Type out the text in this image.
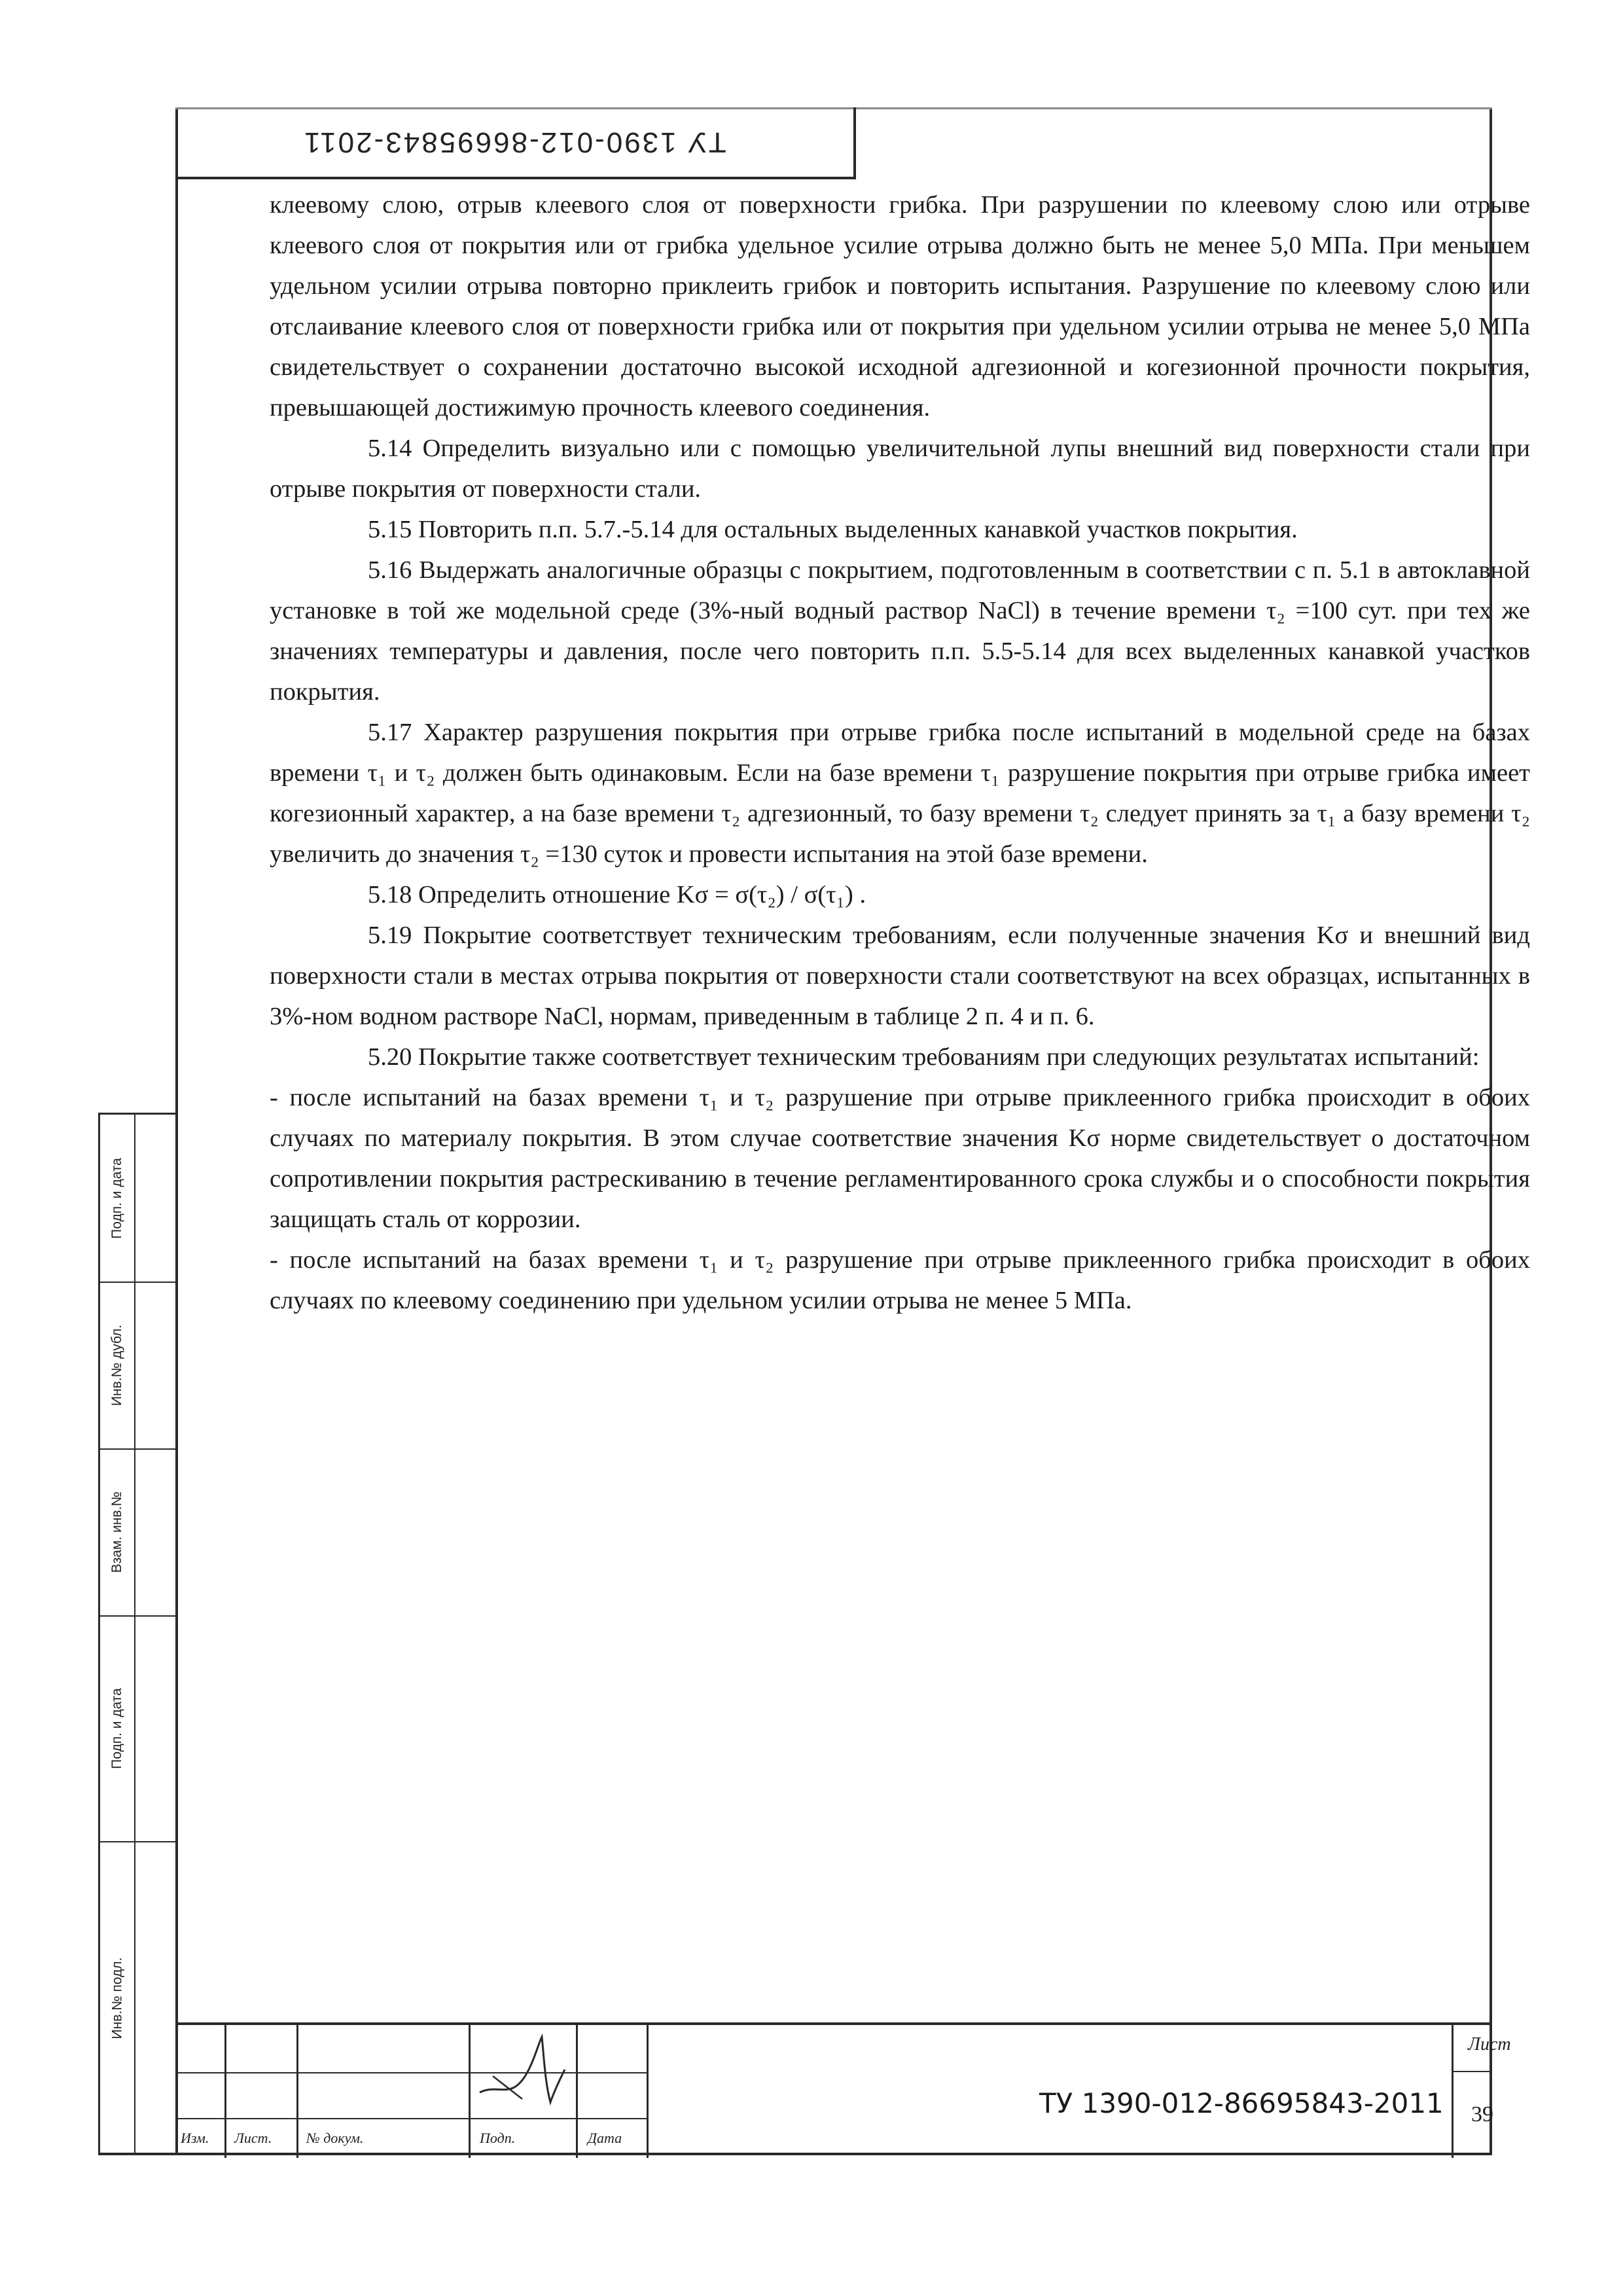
ТУ 1390-012-86695843-2011

клеевому слою, отрыв клеевого слоя от поверхности грибка. При разрушении по клеевому слою или отрыве клеевого слоя от покрытия или от грибка удельное усилие отрыва должно быть не менее 5,0 МПа. При меньшем удельном усилии отрыва повторно приклеить грибок и повторить испытания. Разрушение по клеевому слою или отслаивание клеевого слоя от поверхности грибка или от покрытия при удельном усилии отрыва не менее 5,0 МПа свидетельствует о сохранении достаточно высокой исходной адгезионной и когезионной прочности покрытия, превышающей достижимую прочность клеевого соединения.

5.14 Определить визуально или с помощью увеличительной лупы внешний вид поверхности стали при отрыве покрытия от поверхности стали.

5.15 Повторить п.п. 5.7.-5.14 для остальных выделенных канавкой участков покрытия.

5.16 Выдержать аналогичные образцы с покрытием, подготовленным в соответствии с п. 5.1 в автоклавной установке в той же модельной среде (3%-ный водный раствор NaCl) в течение времени τ₂ =100 сут. при тех же значениях температуры и давления, после чего повторить п.п. 5.5-5.14 для всех выделенных канавкой участков покрытия.

5.17 Характер разрушения покрытия при отрыве грибка после испытаний в модельной среде на базах времени τ₁ и τ₂ должен быть одинаковым. Если на базе времени τ₁ разрушение покрытия при отрыве грибка имеет когезионный характер, а на базе времени τ₂ адгезионный, то базу времени τ₂ следует принять за τ₁ а базу времени τ₂ увеличить до значения τ₂ =130 суток и провести испытания на этой базе времени.

5.18 Определить отношение Kσ = σ(τ₂) / σ(τ₁) .

5.19 Покрытие соответствует техническим требованиям, если полученные значения Kσ и внешний вид поверхности стали в местах отрыва покрытия от поверхности стали соответствуют на всех образцах, испытанных в 3%-ном водном растворе NaCl, нормам, приведенным в таблице 2 п. 4 и п. 6.

5.20 Покрытие также соответствует техническим требованиям при следующих результатах испытаний:

- после испытаний на базах времени τ₁ и τ₂ разрушение при отрыве приклеенного грибка происходит в обоих случаях по материалу покрытия. В этом случае соответствие значения Kσ норме свидетельствует о достаточном сопротивлении покрытия растрескиванию в течение регламентированного срока службы и о способности покрытия защищать сталь от коррозии.

- после испытаний на базах времени τ₁ и τ₂ разрушение при отрыве приклеенного грибка происходит в обоих случаях по клеевому соединению при удельном усилии отрыва не менее 5 МПа.

Подп. и дата
Инв.№ дубл.
Взам. инв.№
Подп. и дата
Инв.№ подл.
Изм. Лист. № докум.	Подп.	Дата
ТУ 1390-012-86695843-2011
Лист
39
